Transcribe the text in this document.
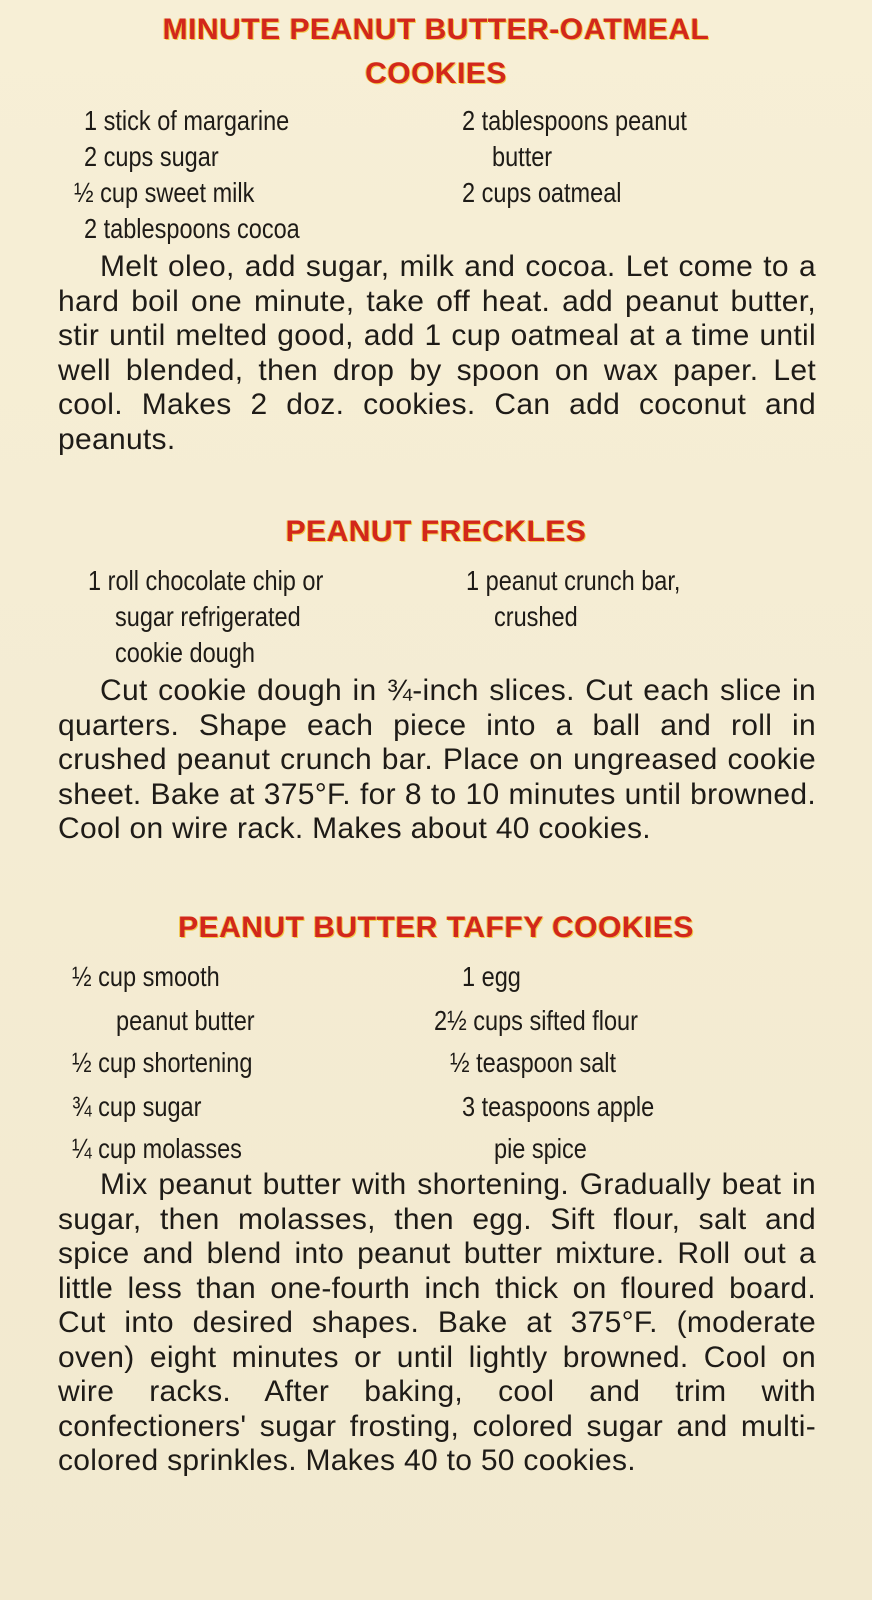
MINUTE PEANUT BUTTER-OATMEAL
COOKIES
1 stick of margarine
2 cups sugar
½ cup sweet milk
2 tablespoons cocoa
2 tablespoons peanut
butter
2 cups oatmeal
Melt oleo, add sugar, milk and cocoa. Let come to a hard boil one minute, take off heat. add peanut butter, stir until melted good, add 1 cup oatmeal at a time until well blended, then drop by spoon on wax paper. Let cool. Makes 2 doz. cookies. Can add coconut and peanuts.
PEANUT FRECKLES
1 roll chocolate chip or
sugar refrigerated
cookie dough
1 peanut crunch bar,
crushed
Cut cookie dough in ¾-inch slices. Cut each slice in quarters. Shape each piece into a ball and roll in crushed peanut crunch bar. Place on ungreased cookie sheet. Bake at 375°F. for 8 to 10 minutes until browned. Cool on wire rack. Makes about 40 cookies.
PEANUT BUTTER TAFFY COOKIES
½ cup smooth
peanut butter
½ cup shortening
¾ cup sugar
¼ cup molasses
1 egg
2½ cups sifted flour
½ teaspoon salt
3 teaspoons apple
pie spice
Mix peanut butter with shortening. Gradually beat in sugar, then molasses, then egg. Sift flour, salt and spice and blend into peanut butter mixture. Roll out a little less than one-fourth inch thick on floured board. Cut into desired shapes. Bake at 375°F. (moderate oven) eight minutes or until lightly browned. Cool on wire racks. After baking, cool and trim with confectioners' sugar frosting, colored sugar and multi-colored sprinkles. Makes 40 to 50 cookies.
